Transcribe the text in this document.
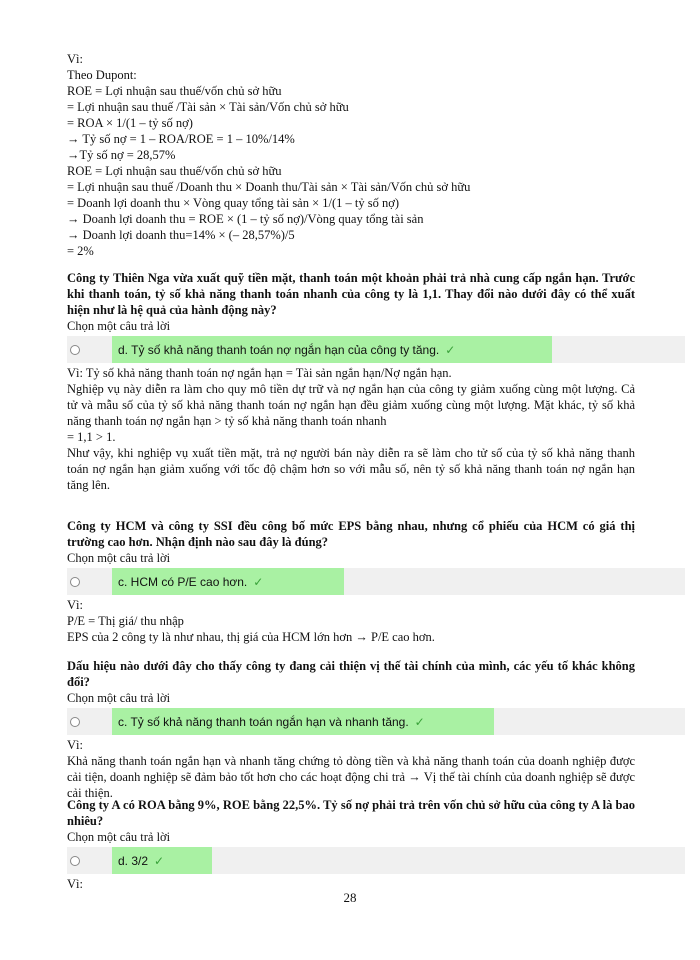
Vì:
Theo Dupont:
ROE = Lợi nhuận sau thuế/vốn chủ sở hữu
= Lợi nhuận sau thuế /Tài sản × Tài sản/Vốn chủ sở hữu
= ROA × 1/(1 – tỷ số nợ)
→ Tỷ số nợ = 1 – ROA/ROE = 1 – 10%/14%
→Tỷ số nợ = 28,57%
ROE = Lợi nhuận sau thuế/vốn chủ sở hữu
= Lợi nhuận sau thuế /Doanh thu × Doanh thu/Tài sản × Tài sản/Vốn chủ sở hữu
= Doanh lợi doanh thu × Vòng quay tổng tài sản × 1/(1 – tỷ số nợ)
→ Doanh lợi doanh thu = ROE × (1 – tỷ số nợ)/Vòng quay tổng tài sản
→ Doanh lợi doanh thu=14% × (– 28,57%)/5
= 2%
Công ty Thiên Nga vừa xuất quỹ tiền mặt, thanh toán một khoản phải trả nhà cung cấp ngắn hạn. Trước khi thanh toán, tỷ số khả năng thanh toán nhanh của công ty là 1,1. Thay đổi nào dưới đây có thể xuất hiện như là hệ quả của hành động này?
Chọn một câu trả lời
d. Tỷ số khả năng thanh toán nợ ngắn hạn của công ty tăng. ✓
Vì: Tỷ số khả năng thanh toán nợ ngắn hạn = Tài sản ngắn hạn/Nợ ngắn hạn.
Nghiệp vụ này diễn ra làm cho quy mô tiền dự trữ và nợ ngắn hạn của công ty giảm xuống cùng một lượng. Cả tử và mẫu số của tỷ số khả năng thanh toán nợ ngắn hạn đều giảm xuống cùng một lượng. Mặt khác, tỷ số khả năng thanh toán nợ ngắn hạn > tỷ số khả năng thanh toán nhanh
= 1,1 > 1.
Như vậy, khi nghiệp vụ xuất tiền mặt, trả nợ người bán này diễn ra sẽ làm cho tử số của tỷ số khả năng thanh toán nợ ngắn hạn giảm xuống với tốc độ chậm hơn so với mẫu số, nên tỷ số khả năng thanh toán nợ ngắn hạn tăng lên.
Công ty HCM và công ty SSI đều công bố mức EPS bằng nhau, nhưng cổ phiếu của HCM có giá thị trường cao hơn. Nhận định nào sau đây là đúng?
Chọn một câu trả lời
c. HCM có P/E cao hơn. ✓
Vì:
P/E = Thị giá/ thu nhập
EPS của 2 công ty là như nhau, thị giá của HCM lớn hơn → P/E cao hơn.
Dấu hiệu nào dưới đây cho thấy công ty đang cải thiện vị thế tài chính của mình, các yếu tố khác không đổi?
Chọn một câu trả lời
c. Tỷ số khả năng thanh toán ngắn hạn và nhanh tăng. ✓
Vì:
Khả năng thanh toán ngắn hạn và nhanh tăng chứng tỏ dòng tiền và khả năng thanh toán của doanh nghiệp được cải tiện, doanh nghiệp sẽ đảm bảo tốt hơn cho các hoạt động chi trả → Vị thế tài chính của doanh nghiệp sẽ được cải thiện.
Công ty A có ROA bằng 9%, ROE bằng 22,5%. Tỷ số nợ phải trả trên vốn chủ sở hữu của công ty A là bao nhiêu?
Chọn một câu trả lời
d. 3/2 ✓
Vì:
28
